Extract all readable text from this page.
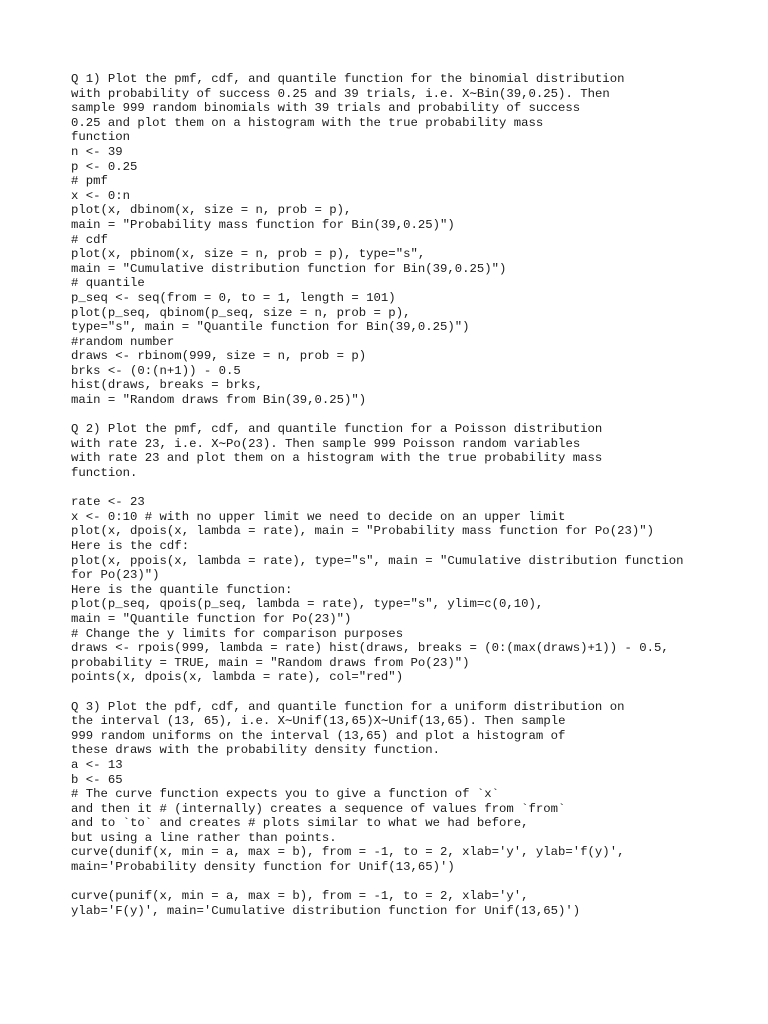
Q 1) Plot the pmf, cdf, and quantile function for the binomial distribution
with probability of success 0.25 and 39 trials, i.e. X∼Bin(39,0.25). Then
sample 999 random binomials with 39 trials and probability of success
0.25 and plot them on a histogram with the true probability mass
function
n <- 39
p <- 0.25
# pmf
x <- 0:n
plot(x, dbinom(x, size = n, prob = p),
main = "Probability mass function for Bin(39,0.25)")
# cdf
plot(x, pbinom(x, size = n, prob = p), type="s",
main = "Cumulative distribution function for Bin(39,0.25)")
# quantile
p_seq <- seq(from = 0, to = 1, length = 101)
plot(p_seq, qbinom(p_seq, size = n, prob = p),
type="s", main = "Quantile function for Bin(39,0.25)")
#random number
draws <- rbinom(999, size = n, prob = p)
brks <- (0:(n+1)) - 0.5
hist(draws, breaks = brks,
main = "Random draws from Bin(39,0.25)")
Q 2) Plot the pmf, cdf, and quantile function for a Poisson distribution
with rate 23, i.e. X∼Po(23). Then sample 999 Poisson random variables
with rate 23 and plot them on a histogram with the true probability mass
function.
rate <- 23
x <- 0:10 # with no upper limit we need to decide on an upper limit
plot(x, dpois(x, lambda = rate), main = "Probability mass function for Po(23)")
Here is the cdf:
plot(x, ppois(x, lambda = rate), type="s", main = "Cumulative distribution function
for Po(23)")
Here is the quantile function:
plot(p_seq, qpois(p_seq, lambda = rate), type="s", ylim=c(0,10),
main = "Quantile function for Po(23)")
# Change the y limits for comparison purposes
draws <- rpois(999, lambda = rate) hist(draws, breaks = (0:(max(draws)+1)) - 0.5,
probability = TRUE, main = "Random draws from Po(23)")
points(x, dpois(x, lambda = rate), col="red")
Q 3) Plot the pdf, cdf, and quantile function for a uniform distribution on
the interval (13, 65), i.e. X∼Unif(13,65)X∼Unif(13,65). Then sample
999 random uniforms on the interval (13,65) and plot a histogram of
these draws with the probability density function.
a <- 13
b <- 65
# The curve function expects you to give a function of `x`
and then it # (internally) creates a sequence of values from `from`
and to `to` and creates # plots similar to what we had before,
but using a line rather than points.
curve(dunif(x, min = a, max = b), from = -1, to = 2, xlab='y', ylab='f(y)',
main='Probability density function for Unif(13,65)')
curve(punif(x, min = a, max = b), from = -1, to = 2, xlab='y',
ylab='F(y)', main='Cumulative distribution function for Unif(13,65)')
